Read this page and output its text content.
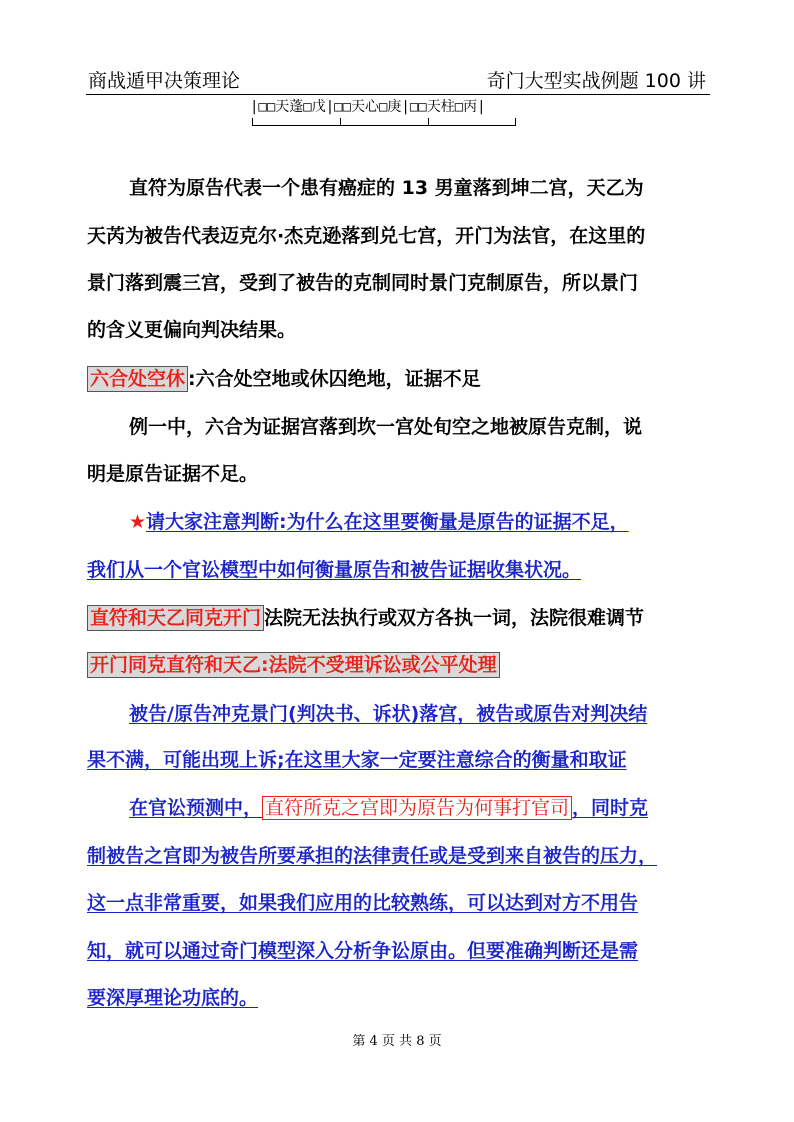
商战遁甲决策理论	奇门大型实战例题 100 讲
|□□天蓬□戊|□□天心□庚|□□天柱□丙|
直符为原告代表一个患有癌症的 13 男童落到坤二宫，天乙为
天芮为被告代表迈克尔·杰克逊落到兑七宫，开门为法官，在这里的
景门落到震三宫，受到了被告的克制同时景门克制原告，所以景门
的含义更偏向判决结果。
六合处空休 :六合处空地或休囚绝地，证据不足
例一中，六合为证据宫落到坎一宫处旬空之地被原告克制，说
明是原告证据不足。
★请大家注意判断:为什么在这里要衡量是原告的证据不足，
我们从一个官讼模型中如何衡量原告和被告证据收集状况。
直符和天乙同克开门 法院无法执行或双方各执一词，法院很难调节
开门同克直符和天乙:法院不受理诉讼或公平处理
被告/原告冲克景门(判决书、诉状)落宫，被告或原告对判决结
果不满，可能出现上诉;在这里大家一定要注意综合的衡量和取证
在官讼预测中， 直符所克之宫即为原告为何事打官司 ，同时克
制被告之宫即为被告所要承担的法律责任或是受到来自被告的压力，
这一点非常重要，如果我们应用的比较熟练，可以达到对方不用告
知，就可以通过奇门模型深入分析争讼原由。但要准确判断还是需
要深厚理论功底的。
第 4 页 共 8 页
